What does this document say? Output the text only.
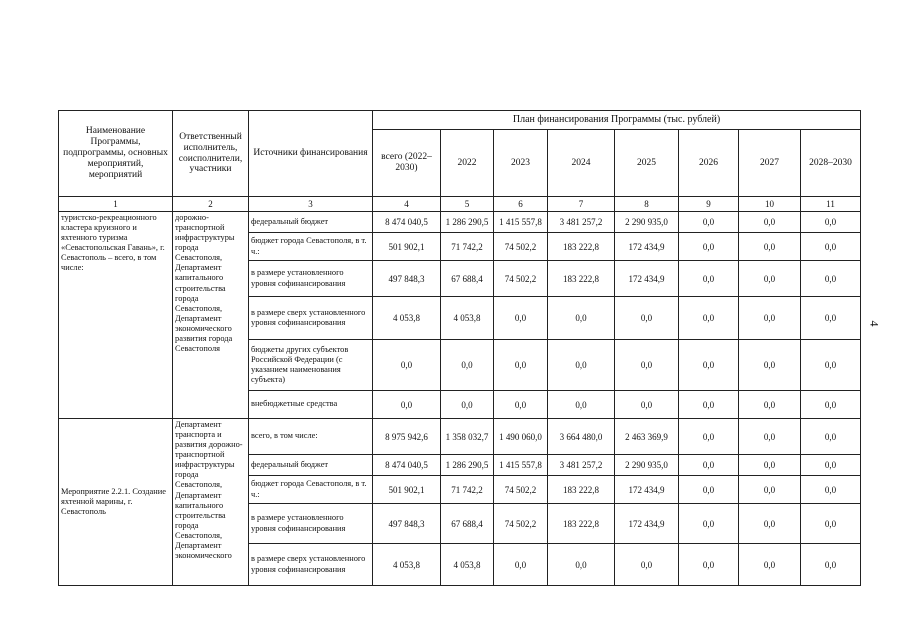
Наименование Программы, подпрограммы, основных мероприятий, мероприятий	Ответственный исполнитель, соисполнители, участники	Источники финансирования	План финансирования Программы (тыс. рублей)							
			всего (2022–2030)	2022	2023	2024	2025	2026	2027	2028–2030
1	2	3	4	5	6	7	8	9	10	11
туристско-рекреационного кластера круизного и яхтенного туризма «Севастопольская Гавань», г. Севастополь – всего, в том числе:	дорожно-транспортной инфраструктуры города Севастополя, Департамент капитального строительства города Севастополя, Департамент экономического развития города Севастополя	федеральный бюджет	8 474 040,5	1 286 290,5	1 415 557,8	3 481 257,2	2 290 935,0	0,0	0,0	0,0
		бюджет города Севастополя, в т. ч.:	501 902,1	71 742,2	74 502,2	183 222,8	172 434,9	0,0	0,0	0,0
		в размере установленного уровня софинансирования	497 848,3	67 688,4	74 502,2	183 222,8	172 434,9	0,0	0,0	0,0
		в размере сверх установленного уровня софинансирования	4 053,8	4 053,8	0,0	0,0	0,0	0,0	0,0	0,0
		бюджеты других субъектов Российской Федерации (с указанием наименования субъекта)	0,0	0,0	0,0	0,0	0,0	0,0	0,0	0,0
		внебюджетные средства	0,0	0,0	0,0	0,0	0,0	0,0	0,0	0,0
Мероприятие 2.2.1. Создание яхтенной марины, г. Севастополь	Департамент транспорта и развития дорожно-транспортной инфраструктуры города Севастополя, Департамент капитального строительства города Севастополя, Департамент экономического	всего, в том числе:	8 975 942,6	1 358 032,7	1 490 060,0	3 664 480,0	2 463 369,9	0,0	0,0	0,0
		федеральный бюджет	8 474 040,5	1 286 290,5	1 415 557,8	3 481 257,2	2 290 935,0	0,0	0,0	0,0
		бюджет города Севастополя, в т. ч.:	501 902,1	71 742,2	74 502,2	183 222,8	172 434,9	0,0	0,0	0,0
		в размере установленного уровня софинансирования	497 848,3	67 688,4	74 502,2	183 222,8	172 434,9	0,0	0,0	0,0
		в размере сверх установленного уровня софинансирования	4 053,8	4 053,8	0,0	0,0	0,0	0,0	0,0	0,0
4
